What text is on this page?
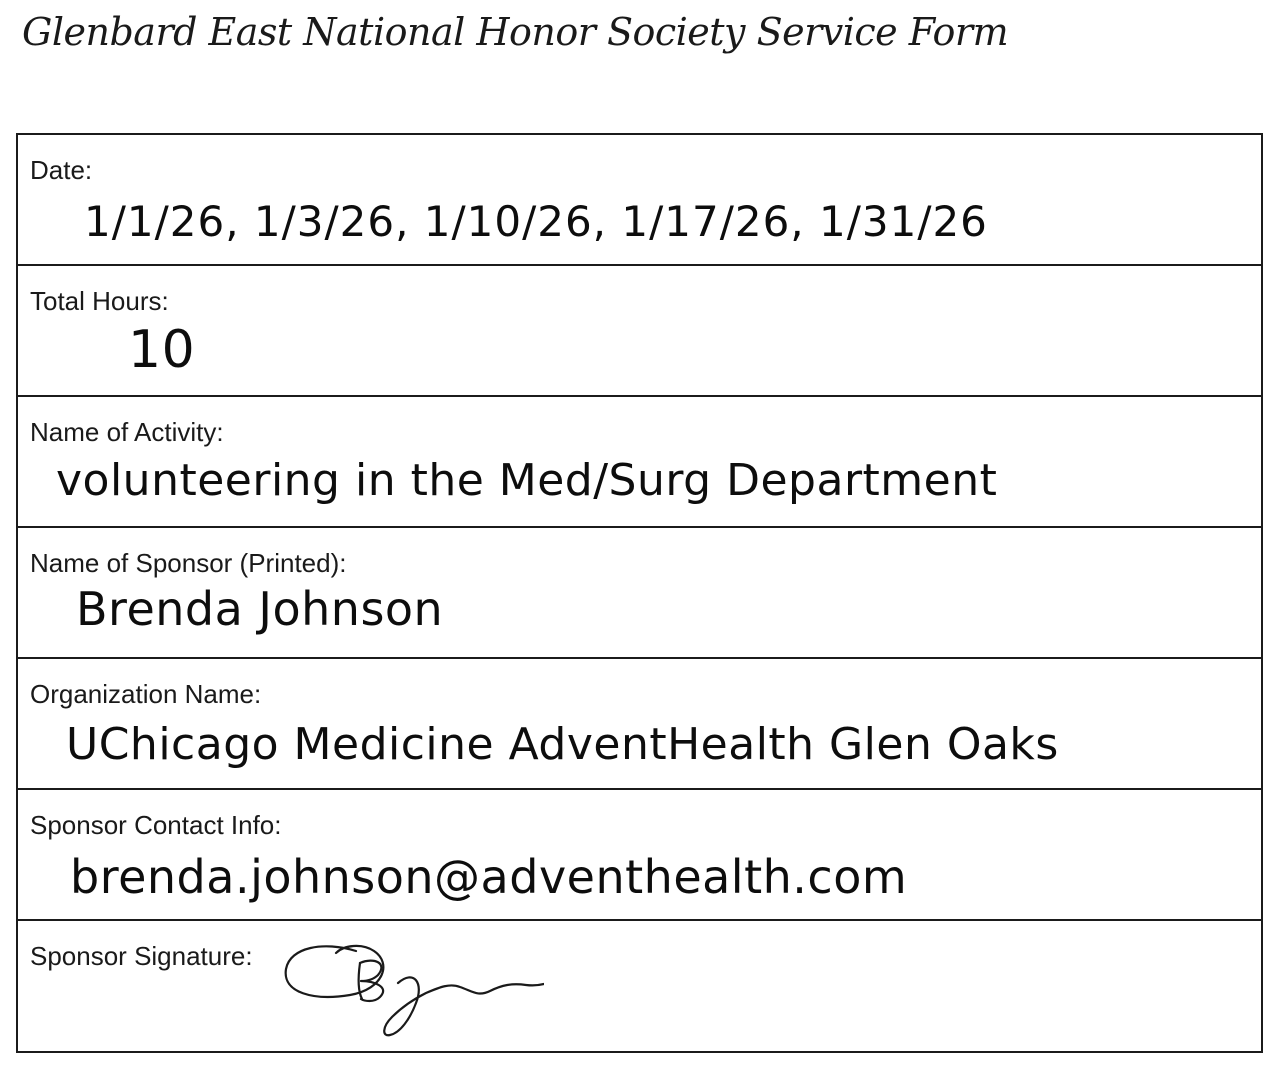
Glenbard East National Honor Society Service Form
Date:
1/1/26, 1/3/26, 1/10/26, 1/17/26, 1/31/26
Total Hours:
10
Name of Activity:
volunteering in the Med/Surg Department
Name of Sponsor (Printed):
Brenda Johnson
Organization Name:
UChicago Medicine AdventHealth Glen Oaks
Sponsor Contact Info:
brenda.johnson@adventhealth.com
Sponsor Signature:
